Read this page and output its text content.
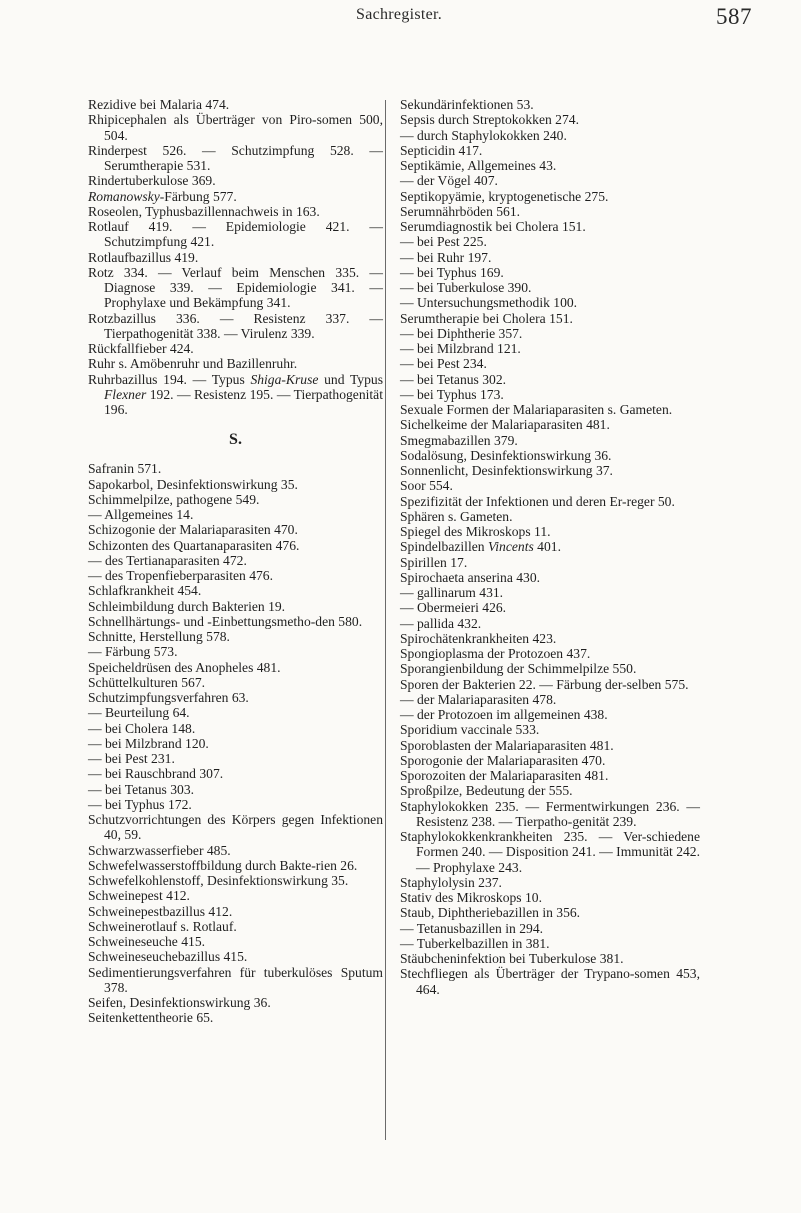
Sachregister.	587
Rezidive bei Malaria 474.
Rhipicephalen als Überträger von Piro-somen 500, 504.
Rinderpest 526. — Schutzimpfung 528. — Serumtherapie 531.
Rindertuberkulose 369.
Romanowsky-Färbung 577.
Roseolen, Typhusbazillennachweis in 163.
Rotlauf 419. — Epidemiologie 421. — Schutzimpfung 421.
Rotlaufbazillus 419.
Rotz 334. — Verlauf beim Menschen 335. — Diagnose 339. — Epidemiologie 341. — Prophylaxe und Bekämpfung 341.
Rotzbazillus 336. — Resistenz 337. — Tierpathogenität 338. — Virulenz 339.
Rückfallfieber 424.
Ruhr s. Amöbenruhr und Bazillenruhr.
Ruhrbazillus 194. — Typus Shiga-Kruse und Typus Flexner 192. — Resistenz 195. — Tierpathogenität 196.
S.
Safranin 571.
Sapokarbol, Desinfektionswirkung 35.
Schimmelpilze, pathogene 549.
— Allgemeines 14.
Schizogonie der Malariaparasiten 470.
Schizonten des Quartanaparasiten 476.
— des Tertianaparasiten 472.
— des Tropenfieberparasiten 476.
Schlafkrankheit 454.
Schleimbildung durch Bakterien 19.
Schnellhärtungs- und -Einbettungsmetho-den 580.
Schnitte, Herstellung 578.
— Färbung 573.
Speicheldrüsen des Anopheles 481.
Schüttelkulturen 567.
Schutzimpfungsverfahren 63.
— Beurteilung 64.
— bei Cholera 148.
— bei Milzbrand 120.
— bei Pest 231.
— bei Rauschbrand 307.
— bei Tetanus 303.
— bei Typhus 172.
Schutzvorrichtungen des Körpers gegen Infektionen 40, 59.
Schwarzwasserfieber 485.
Schwefelwasserstoffbildung durch Bakte-rien 26.
Schwefelkohlenstoff, Desinfektionswirkung 35.
Schweinepest 412.
Schweinepestbazillus 412.
Schweinerotlauf s. Rotlauf.
Schweineseuche 415.
Schweineseuchebazillus 415.
Sedimentierungsverfahren für tuberkulöses Sputum 378.
Seifen, Desinfektionswirkung 36.
Seitenkettentheorie 65.
Sekundärinfektionen 53.
Sepsis durch Streptokokken 274.
— durch Staphylokokken 240.
Septicidin 417.
Septikämie, Allgemeines 43.
— der Vögel 407.
Septikopyämie, kryptogenetische 275.
Serumnährböden 561.
Serumdiagnostik bei Cholera 151.
— bei Pest 225.
— bei Ruhr 197.
— bei Typhus 169.
— bei Tuberkulose 390.
— Untersuchungsmethodik 100.
Serumtherapie bei Cholera 151.
— bei Diphtherie 357.
— bei Milzbrand 121.
— bei Pest 234.
— bei Tetanus 302.
— bei Typhus 173.
Sexuale Formen der Malariaparasiten s. Gameten.
Sichelkeime der Malariaparasiten 481.
Smegmabazillen 379.
Sodalösung, Desinfektionswirkung 36.
Sonnenlicht, Desinfektionswirkung 37.
Soor 554.
Spezifizität der Infektionen und deren Er-reger 50.
Sphären s. Gameten.
Spiegel des Mikroskops 11.
Spindelbazillen Vincents 401.
Spirillen 17.
Spirochaeta anserina 430.
— gallinarum 431.
— Obermeieri 426.
— pallida 432.
Spirochätenkrankheiten 423.
Spongioplasma der Protozoen 437.
Sporangienbildung der Schimmelpilze 550.
Sporen der Bakterien 22. — Färbung der-selben 575.
— der Malariaparasiten 478.
— der Protozoen im allgemeinen 438.
Sporidium vaccinale 533.
Sporoblasten der Malariaparasiten 481.
Sporogonie der Malariaparasiten 470.
Sporozoiten der Malariaparasiten 481.
Sproßpilze, Bedeutung der 555.
Staphylokokken 235. — Fermentwirkungen 236. — Resistenz 238. — Tierpatho-genität 239.
Staphylokokkenkrankheiten 235. — Ver-schiedene Formen 240. — Disposition 241. — Immunität 242. — Prophylaxe 243.
Staphylolysin 237.
Stativ des Mikroskops 10.
Staub, Diphtheriebazillen in 356.
— Tetanusbazillen in 294.
— Tuberkelbazillen in 381.
Stäubcheninfektion bei Tuberkulose 381.
Stechfliegen als Überträger der Trypano-somen 453, 464.
